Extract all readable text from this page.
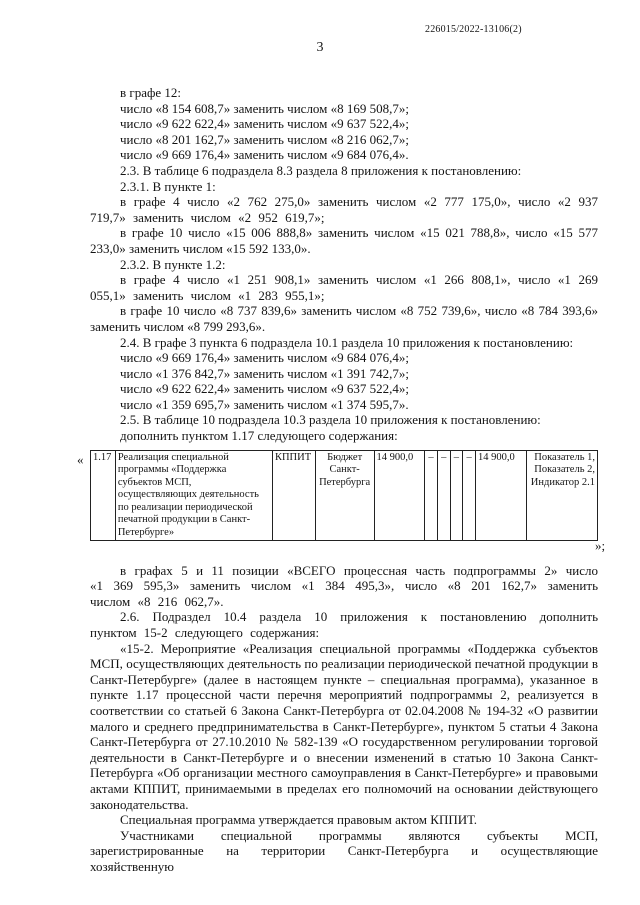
226015/2022-13106(2)
3

в графе 12:

число «8 154 608,7» заменить числом «8 169 508,7»;

число «9 622 622,4» заменить числом «9 637 522,4»;

число «8 201 162,7» заменить числом «8 216 062,7»;

число «9 669 176,4» заменить числом «9 684 076,4».

2.3. В таблице 6 подраздела 8.3 раздела 8 приложения к постановлению:

2.3.1. В пункте 1:

в графе 4 число «2 762 275,0» заменить числом «2 777 175,0», число «2 937 719,7» заменить числом «2 952 619,7»;

в графе 10 число «15 006 888,8» заменить числом «15 021 788,8», число «15 577 233,0» заменить числом «15 592 133,0».

2.3.2. В пункте 1.2:

в графе 4 число «1 251 908,1» заменить числом «1 266 808,1», число «1 269 055,1» заменить числом «1 283 955,1»;

в графе 10 число «8 737 839,6» заменить числом «8 752 739,6», число «8 784 393,6» заменить числом «8 799 293,6».

2.4. В графе 3 пункта 6 подраздела 10.1 раздела 10 приложения к постановлению:

число «9 669 176,4» заменить числом «9 684 076,4»;

число «1 376 842,7» заменить числом «1 391 742,7»;

число «9 622 622,4» заменить числом «9 637 522,4»;

число «1 359 695,7» заменить числом «1 374 595,7».

2.5. В таблице 10 подраздела 10.3 раздела 10 приложения к постановлению:

дополнить пунктом 1.17 следующего содержания:

« 1.17	Реализация специальной программы «Поддержка субъектов МСП, осуществляющих деятельность по реализации периодической печатной продукции в Санкт-Петербурге»	КППИТ	Бюджет Санкт-Петербурга	14 900,0	–	–	–	–	14 900,0	Показатель 1, Показатель 2, Индикатор 2.1
»;

в графах 5 и 11 позиции «ВСЕГО процессная часть подпрограммы 2» число «1 369 595,3» заменить числом «1 384 495,3», число «8 201 162,7» заменить числом «8 216 062,7».

2.6. Подраздел 10.4 раздела 10 приложения к постановлению дополнить пунктом 15-2 следующего содержания:

«15-2. Мероприятие «Реализация специальной программы «Поддержка субъектов МСП, осуществляющих деятельность по реализации периодической печатной продукции в Санкт-Петербурге» (далее в настоящем пункте – специальная программа), указанное в пункте 1.17 процессной части перечня мероприятий подпрограммы 2, реализуется в соответствии со статьей 6 Закона Санкт-Петербурга от 02.04.2008 № 194-32 «О развитии малого и среднего предпринимательства в Санкт-Петербурге», пунктом 5 статьи 4 Закона Санкт-Петербурга от 27.10.2010 № 582-139 «О государственном регулировании торговой деятельности в Санкт-Петербурге и о внесении изменений в статью 10 Закона Санкт-Петербурга «Об организации местного самоуправления в Санкт-Петербурге» и правовыми актами КППИТ, принимаемыми в пределах его полномочий на основании действующего законодательства.

Специальная программа утверждается правовым актом КППИТ.

Участниками специальной программы являются субъекты МСП, зарегистрированные на территории Санкт-Петербурга и осуществляющие хозяйственную
